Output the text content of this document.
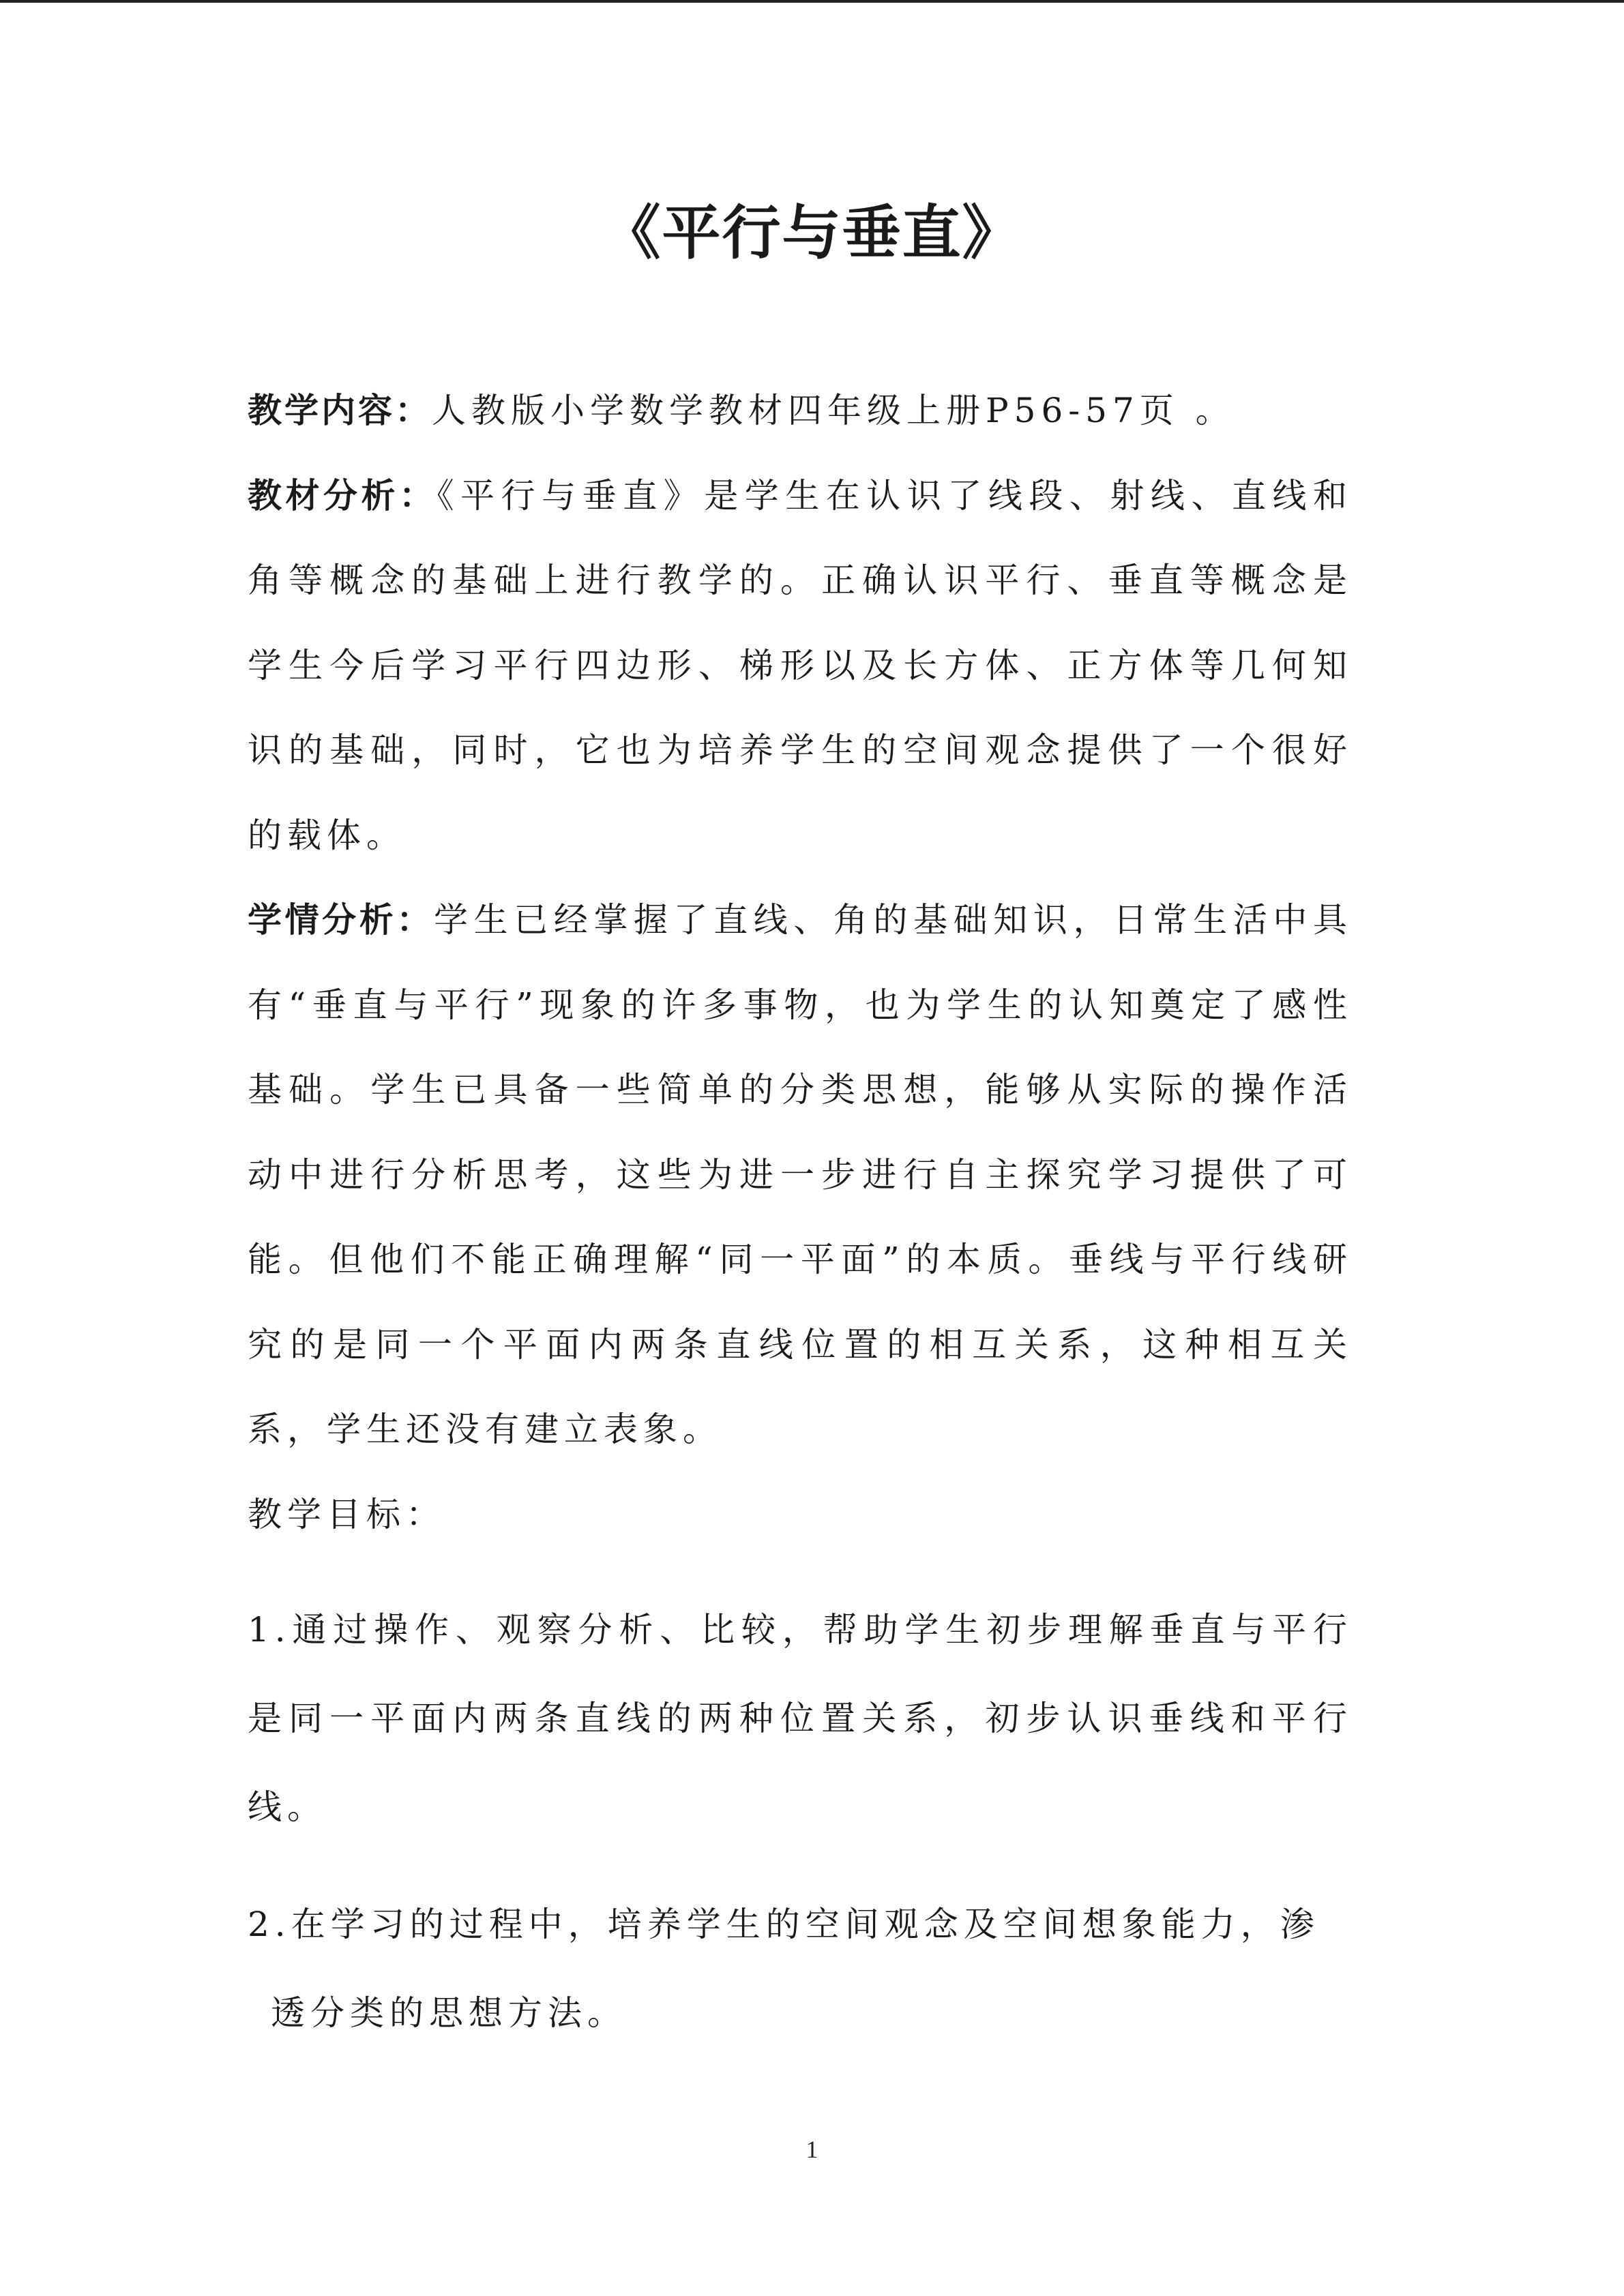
《平行与垂直》

教学内容：人教版小学数学教材四年级上册P56-57页 。

教材分析：《平行与垂直》是学生在认识了线段、射线、直线和角等概念的基础上进行教学的。正确认识平行、垂直等概念是学生今后学习平行四边形、梯形以及长方体、正方体等几何知识的基础，同时，它也为培养学生的空间观念提供了一个很好的载体。

学情分析：学生已经掌握了直线、角的基础知识，日常生活中具有“垂直与平行”现象的许多事物，也为学生的认知奠定了感性基础。学生已具备一些简单的分类思想，能够从实际的操作活动中进行分析思考，这些为进一步进行自主探究学习提供了可能。但他们不能正确理解“同一平面”的本质。垂线与平行线研究的是同一个平面内两条直线位置的相互关系，这种相互关系，学生还没有建立表象。

教学目标：

1.通过操作、观察分析、比较，帮助学生初步理解垂直与平行是同一平面内两条直线的两种位置关系，初步认识垂线和平行线。

2.在学习的过程中，培养学生的空间观念及空间想象能力，渗
透分类的思想方法。

1
